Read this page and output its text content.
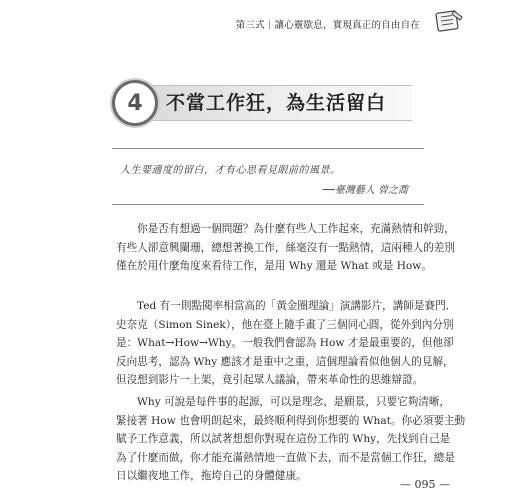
第三式｜讓心靈歇息，實現真正的自由自在
4	不當工作狂，為生活留白
人生要適度的留白，才有心思看見眼前的風景。
──臺灣藝人 曾之喬
你是否有想過一個問題？為什麼有些人工作起來，充滿熱情和幹勁，
有些人卻意興闌珊，總想著換工作，絲毫沒有一點熱情，這兩種人的差別
僅在於用什麼角度來看待工作，是用 Why 還是 What 或是 How。
Ted 有一則點閱率相當高的「黃金圈理論」演講影片，講師是賽門．
史奈克（Simon Sinek），他在臺上隨手畫了三個同心圓，從外到內分別
是：What→How→Why。一般我們會認為 How 才是最重要的，但他卻
反向思考，認為 Why 應該才是重中之重，這個理論看似他個人的見解，
但沒想到影片一上架，竟引起眾人議論，帶來革命性的思維辯證。
Why 可說是每件事的起源，可以是理念、是願景，只要它夠清晰，
緊接著 How 也會明朗起來，最終順利得到你想要的 What。你必須要主動
賦予工作意義，所以試著想想你對現在這份工作的 Why，先找到自己是
為了什麼而做，你才能充滿熱情地一直做下去，而不是當個工作狂，總是
日以繼夜地工作，拖垮自己的身體健康。
— 095 —
